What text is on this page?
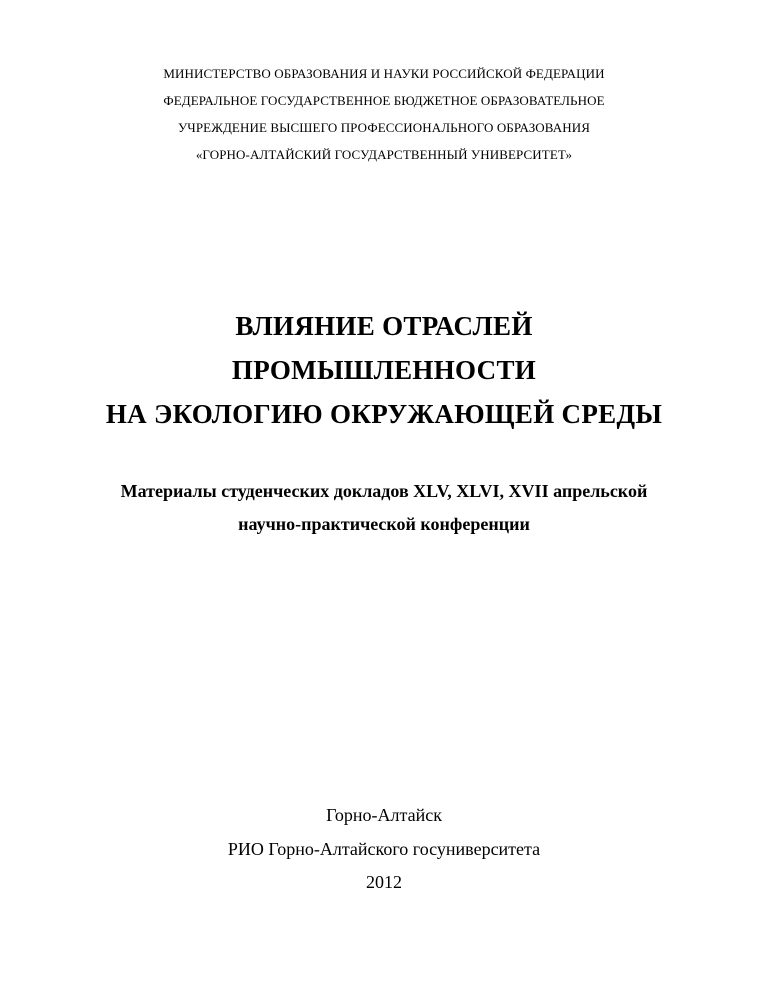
МИНИСТЕРСТВО ОБРАЗОВАНИЯ И НАУКИ РОССИЙСКОЙ ФЕДЕРАЦИИ
ФЕДЕРАЛЬНОЕ ГОСУДАРСТВЕННОЕ БЮДЖЕТНОЕ ОБРАЗОВАТЕЛЬНОЕ
УЧРЕЖДЕНИЕ ВЫСШЕГО ПРОФЕССИОНАЛЬНОГО ОБРАЗОВАНИЯ
«ГОРНО-АЛТАЙСКИЙ ГОСУДАРСТВЕННЫЙ УНИВЕРСИТЕТ»
ВЛИЯНИЕ ОТРАСЛЕЙ
ПРОМЫШЛЕННОСТИ
НА ЭКОЛОГИЮ ОКРУЖАЮЩЕЙ СРЕДЫ
Материалы студенческих докладов XLV, XLVI, XVII апрельской
научно-практической конференции
Горно-Алтайск
РИО Горно-Алтайского госуниверситета
2012
